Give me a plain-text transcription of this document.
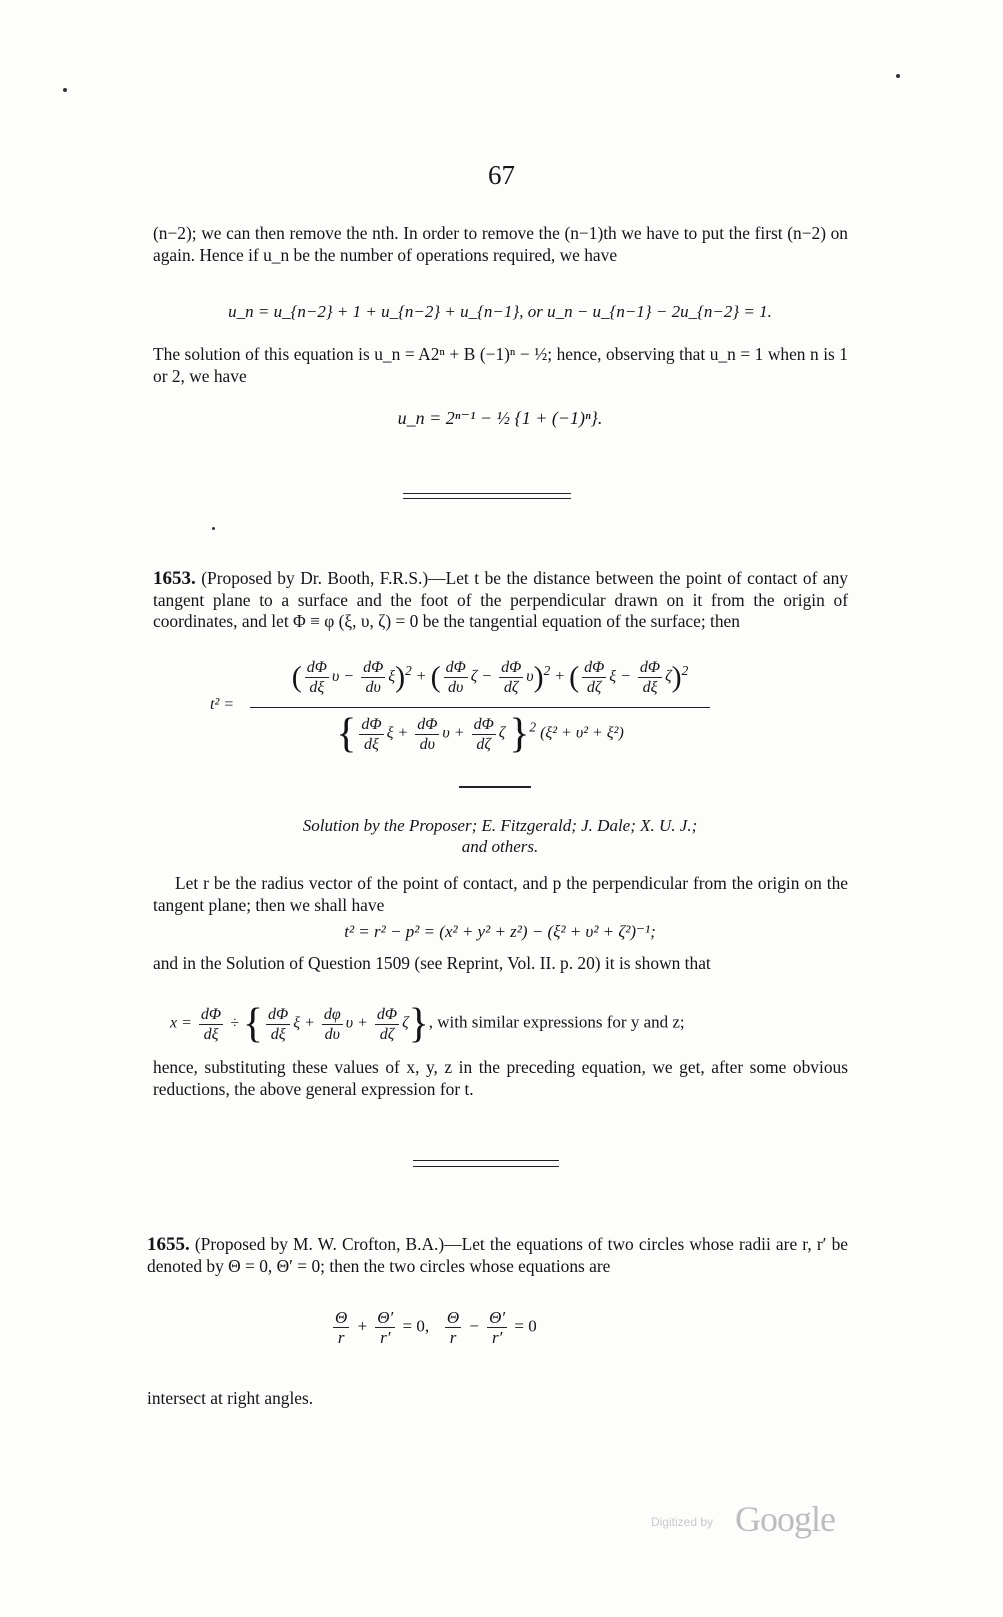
67
(n−2); we can then remove the nth. In order to remove the (n−1)th we have to put the first (n−2) on again. Hence if u_n be the number of operations required, we have
u_n = u_{n−2} + 1 + u_{n−2} + u_{n−1}, or u_n − u_{n−1} − 2u_{n−2} = 1.
The solution of this equation is u_n = A2ⁿ + B (−1)ⁿ − ½; hence, observing that u_n = 1 when n is 1 or 2, we have
u_n = 2ⁿ⁻¹ − ½ {1 + (−1)ⁿ}.
1653. (Proposed by Dr. Booth, F.R.S.)—Let t be the distance between the point of contact of any tangent plane to a surface and the foot of the perpendicular drawn on it from the origin of coordinates, and let Φ ≡ φ (ξ, υ, ζ) = 0 be the tangential equation of the surface; then
t² =
( $\frac{d\Phi}{d\xi}$ $\upsilon - \frac{d\Phi}{d\upsilon} \xi)^2$ + ( $\frac{d\Phi}{d\upsilon}$ $\zeta - \frac{d\Phi}{d\zeta} \upsilon)^2$ + ( $\frac{d\Phi}{d\zeta}$ $\xi - \frac{d\Phi}{d\xi} \zeta)^2$
{ $\frac{d\Phi}{d\xi}$ $\xi + \frac{d\Phi}{d\upsilon}$ $\upsilon + \frac{d\Phi}{d\zeta}$ ζ }$^2$ (ξ² + υ² + ξ²)
Solution by the Proposer; E. Fitzgerald; J. Dale; X. U. J.;
and others.
Let r be the radius vector of the point of contact, and p the perpendicular from the origin on the tangent plane; then we shall have
t² = r² − p² = (x² + y² + z²) − (ξ² + υ² + ζ²)⁻¹;
and in the Solution of Question 1509 (see Reprint, Vol. II. p. 20) it is shown that
$x = \frac{d\Phi}{d\xi}$ ÷ { $\frac{d\Phi}{d\xi}$ $\xi + \frac{d\varphi}{d\upsilon}$ $\upsilon + \frac{d\Phi}{d\zeta} \zeta$}, with similar expressions for y and z;
hence, substituting these values of x, y, z in the preceding equation, we get, after some obvious reductions, the above general expression for t.
1655. (Proposed by M. W. Crofton, B.A.)—Let the equations of two circles whose radii are r, r′ be denoted by Θ = 0, Θ′ = 0; then the two circles whose equations are
$\frac{\Theta}{r} + \frac{\Theta'}{r'} = 0$, $\frac{\Theta}{r} - \frac{\Theta'}{r'} = 0$
intersect at right angles.
Digitized by Google
